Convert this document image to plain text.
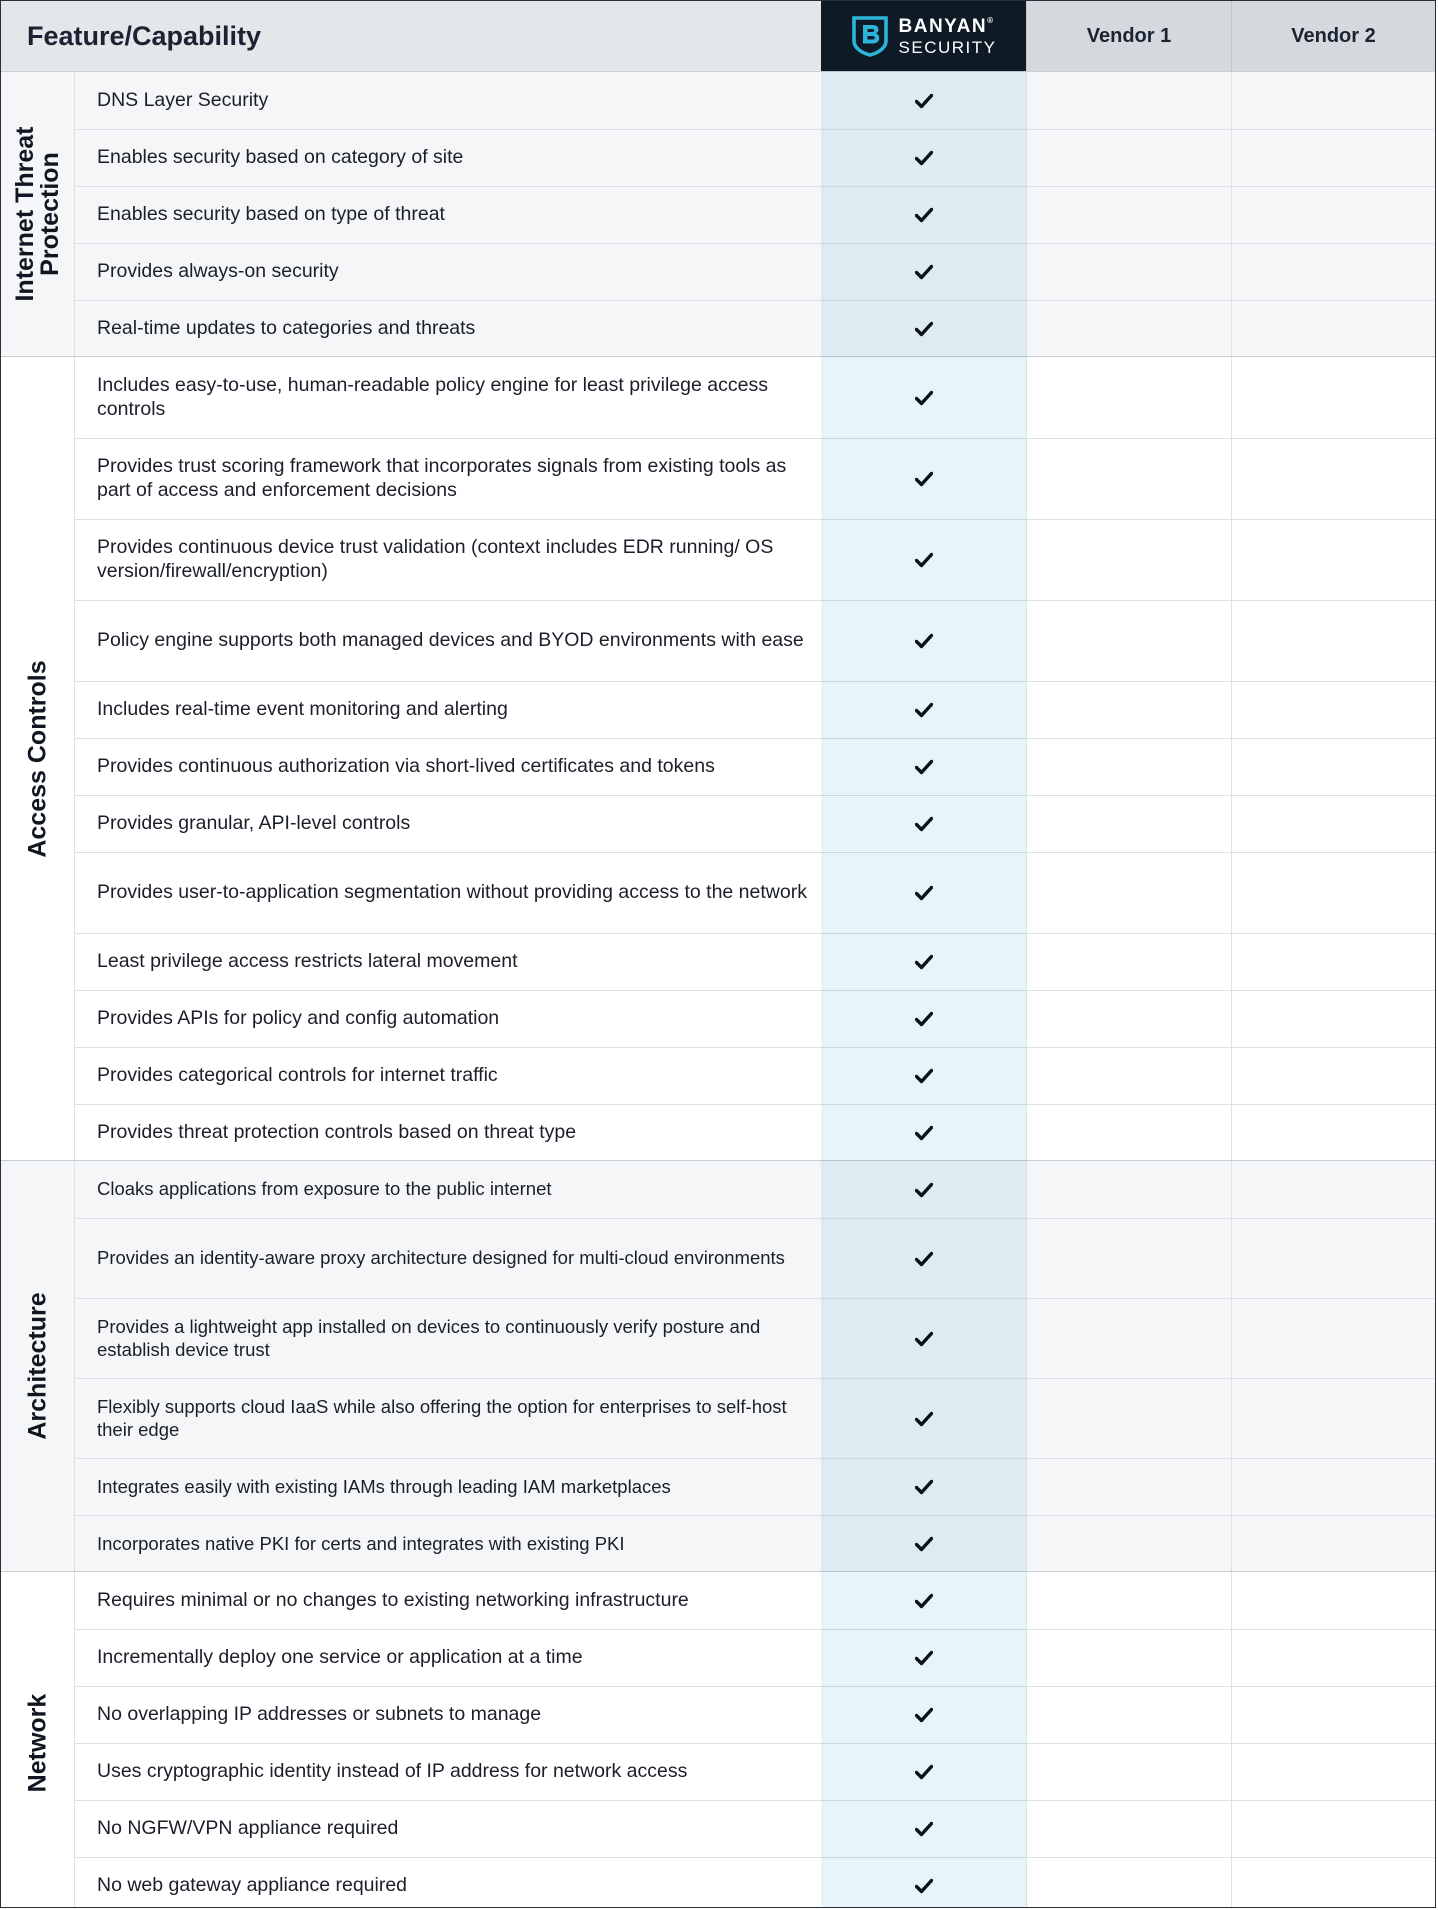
Internet Threat
Protection
DNS Layer Security
Enables security based on category of site
Enables security based on type of threat
Provides always-on security
Real-time updates to categories and threats
Access Controls
Includes easy-to-use, human-readable policy engine for least privilege access controls
Provides trust scoring framework that incorporates signals from existing tools as part of access and enforcement decisions
Provides continuous device trust validation (context includes EDR running/ OS version/firewall/encryption)
Policy engine supports both managed devices and BYOD environments with ease
Includes real-time event monitoring and alerting
Provides continuous authorization via short-lived certificates and tokens
Provides granular, API-level controls
Provides user-to-application segmentation without providing access to the network
Least privilege access restricts lateral movement
Provides APIs for policy and config automation
Provides categorical controls for internet traffic
Provides threat protection controls based on threat type
Architecture
Cloaks applications from exposure to the public internet
Provides an identity-aware proxy architecture designed for multi-cloud environments
Provides a lightweight app installed on devices to continuously verify posture and establish device trust
Flexibly supports cloud IaaS while also offering the option for enterprises to self-host their edge
Integrates easily with existing IAMs through leading IAM marketplaces
Incorporates native PKI for certs and integrates with existing PKI
Network
Requires minimal or no changes to existing networking infrastructure
Incrementally deploy one service or application at a time
No overlapping IP addresses or subnets to manage
Uses cryptographic identity instead of IP address for network access
No NGFW/VPN appliance required
No web gateway appliance required
Feature/Capability	BANYAN®
SECURITY
Vendor 1	Vendor 2
